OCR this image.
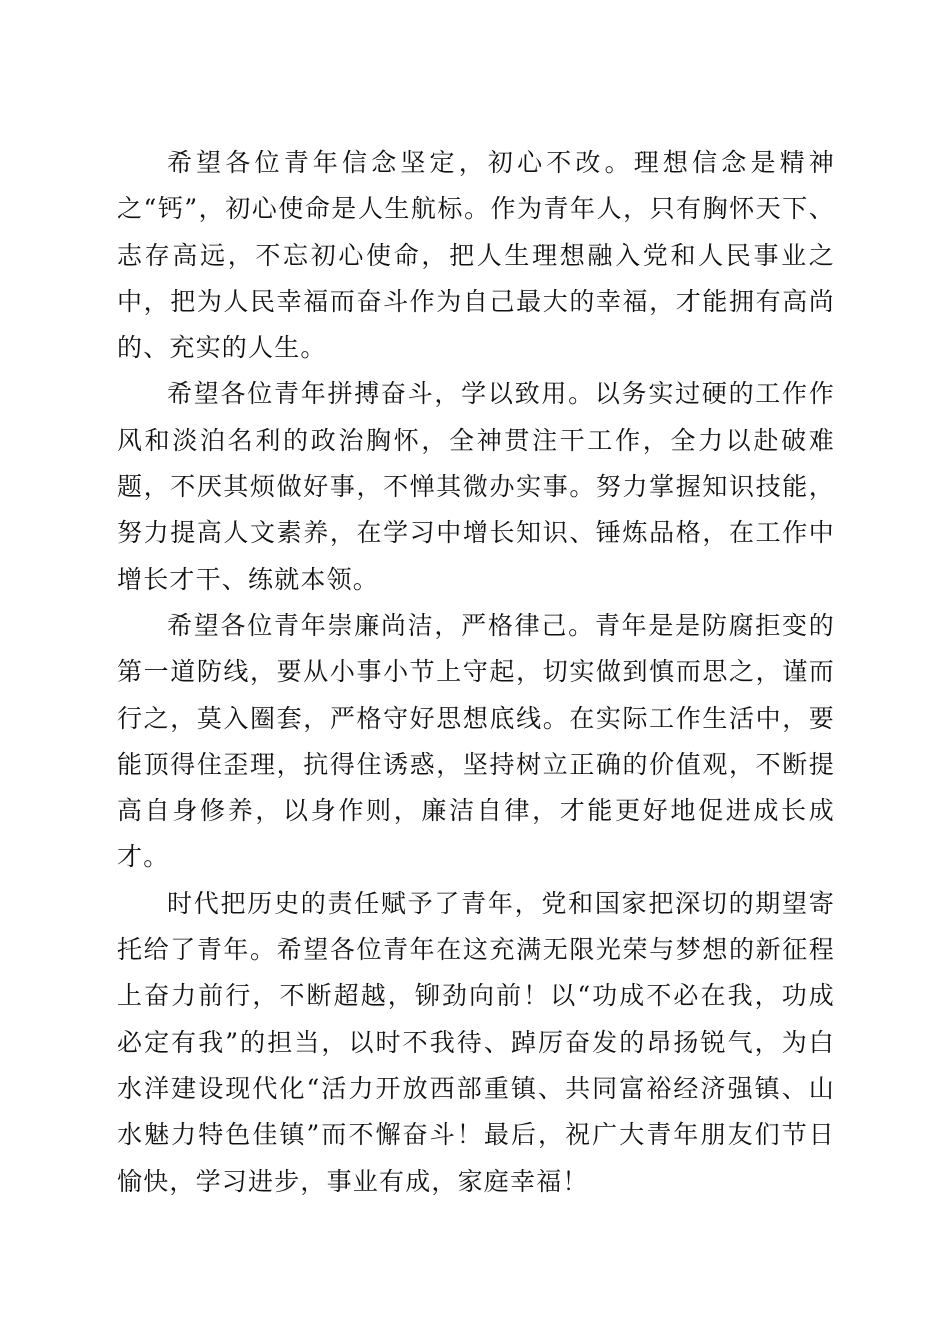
希望各位青年信念坚定，初心不改。理想信念是精神之“钙”，初心使命是人生航标。作为青年人，只有胸怀天下、志存高远，不忘初心使命，把人生理想融入党和人民事业之中，把为人民幸福而奋斗作为自己最大的幸福，才能拥有高尚的、充实的人生。

希望各位青年拼搏奋斗，学以致用。以务实过硬的工作作风和淡泊名利的政治胸怀，全神贯注干工作，全力以赴破难题，不厌其烦做好事，不惮其微办实事。努力掌握知识技能，努力提高人文素养，在学习中增长知识、锤炼品格，在工作中增长才干、练就本领。

希望各位青年崇廉尚洁，严格律己。青年是是防腐拒变的第一道防线，要从小事小节上守起，切实做到慎而思之，谨而行之，莫入圈套，严格守好思想底线。在实际工作生活中，要能顶得住歪理，抗得住诱惑，坚持树立正确的价值观，不断提高自身修养，以身作则，廉洁自律，才能更好地促进成长成才。

时代把历史的责任赋予了青年，党和国家把深切的期望寄托给了青年。希望各位青年在这充满无限光荣与梦想的新征程上奋力前行，不断超越，铆劲向前！以“功成不必在我，功成必定有我”的担当，以时不我待、踔厉奋发的昂扬锐气，为白水洋建设现代化“活力开放西部重镇、共同富裕经济强镇、山水魅力特色佳镇”而不懈奋斗！最后，祝广大青年朋友们节日愉快，学习进步，事业有成，家庭幸福！
